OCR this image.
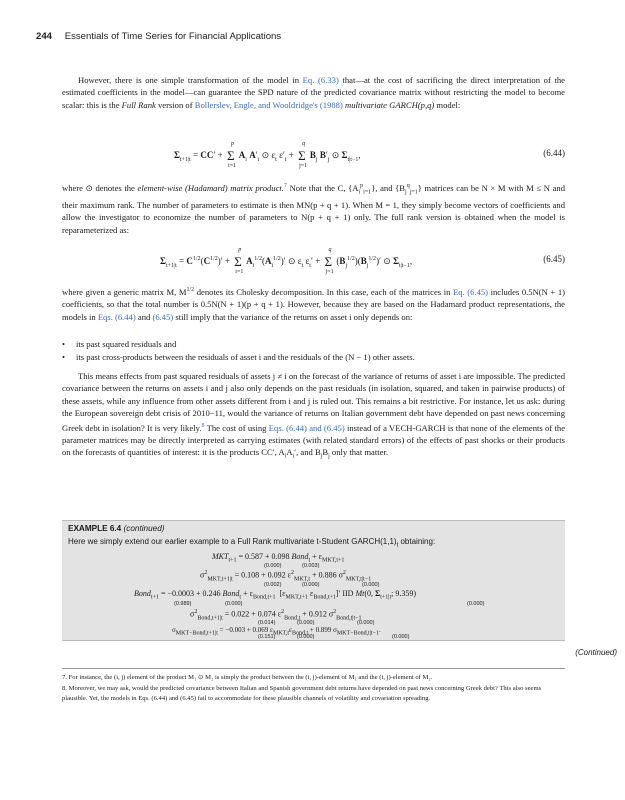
244 Essentials of Time Series for Financial Applications
However, there is one simple transformation of the model in Eq. (6.33) that—at the cost of sacrificing the direct interpretation of the estimated coefficients in the model—can guarantee the SPD nature of the predicted covariance matrix without restricting the model to become scalar: this is the Full Rank version of Bollerslev, Engle, and Wooldridge's (1988) multivariate GARCH(p,q) model:
$\Sigma_{t+1|t} = CC' + \Sigma$
p
i=1
$A_i$ $A'_i$ ⊙ $\varepsilon_t$ $\varepsilon'_t + \Sigma$
q
j=1
$B_j$ $B'_j$ ⊙ $\Sigma_{t|t-1}$,	(6.44)
where ⊙ denotes the element-wise (Hadamard) matrix product.$^7$ Note that the C, $\{A_i^p_{i=1}\}$, and $\{B_j^q_{j=1}\}$ matrices can be N × M with M ≤ N and their maximum rank. The number of parameters to estimate is then MN(p + q + 1). When M = 1, they simply become vectors of coefficients and allow the investigator to economize the number of parameters to N(p + q + 1) only. The full rank version is obtained when the model is reparameterized as:
$\Sigma_{t+1|t} = C^{1/2}(C^{1/2})' + \Sigma$
p
i=1
$A_i^{1/2}(A_i^{1/2})'$ ⊙ $\varepsilon_t$ $\varepsilon_t' + \Sigma$
q
j=1
$(B_j^{1/2})(B_j^{1/2})'$ ⊙ $\Sigma_{t|t-1}$,	(6.45)
where given a generic matrix M, $M^{1/2}$ denotes its Cholesky decomposition. In this case, each of the matrices in Eq. (6.45) includes 0.5N(N + 1) coefficients, so that the total number is 0.5N(N + 1)(p + q + 1). However, because they are based on the Hadamard product representations, the models in Eqs. (6.44) and (6.45) still imply that the variance of the returns on asset i only depends on:
• its past squared residuals and
• its past cross-products between the residuals of asset i and the residuals of the (N − 1) other assets.
This means effects from past squared residuals of assets j ≠ i on the forecast of the variance of returns of asset i are impossible. The predicted covariance between the returns on assets i and j also only depends on the past residuals (in isolation, squared, and taken in pairwise products) of these assets, while any influence from other assets different from i and j is ruled out. This remains a bit restrictive. For instance, let us ask: during the European sovereign debt crisis of 2010−11, would the variance of returns on Italian government debt have depended on past news concerning Greek debt in isolation? It is very likely.$^8$ The cost of using Eqs. (6.44) and (6.45) instead of a VECH-GARCH is that none of the elements of the parameter matrices may be directly interpreted as carrying estimates (with related standard errors) of the effects of past shocks or their products on the forecasts of quantities of interest: it is the products CC′, $A_iA_i'$, and $B_jB_j$ only that matter.
EXAMPLE 6.4 (continued)
Here we simply extend our earlier example to a Full Rank multivariate t-Student $GARCH(1,1)_t$ obtaining:
$MKT_{t+1} = 0.587 + 0.098$ Bond$_t$ + $\varepsilon_{MKT,t+1}$
(0.000)	(0.003)
$\sigma^2_{MKT,t+1|t} = 0.108 + 0.092$ $\varepsilon^2_{MKT,t} + 0.886$ $\sigma^2_{MKT,t|t-1}$
(0.002)	(0.000)	(0.000)
Bond$_{t+1}$ = −0.0003 + 0.246 Bond$_t$ + $\varepsilon_{Bond,t+1}$  [$\varepsilon_{MKT,t+1}$ $\varepsilon_{Bond,t+1}]'$ IID Mt(0, $\Sigma_{t+1|t}$; 9.359)
(0.989)	(0.000)	(0.000)
$\sigma^2_{Bond,t+1|t} = 0.022 + 0.074$ $\varepsilon^2_{Bond,t} + 0.912$ $\sigma^2_{Bond,t|t-1}$
(0.014)	(0.000)	(0.000)
$\sigma_{MKT-Bond,t+1|t} = -0.003 + 0.069$ $\varepsilon_{MKT,t}\varepsilon_{Bond,t} + 0.899$ $\sigma_{MKT-Bond,t|t-1}$.
(0.151)	(0.000)	(0.000)
(Continued)
7. For instance, the (i, j) element of the product M₁ ⊙ M₂ is simply the product between the (i, j)-element of M₁ and the (i, j)-element of M₂.
8. Moreover, we may ask, would the predicted covariance between Italian and Spanish government debt returns have depended on past news concerning Greek debt? This also seems plausible. Yet, the models in Eqs. (6.44) and (6.45) fail to accommodate for these plausible channels of volatility and covariation spreading.
